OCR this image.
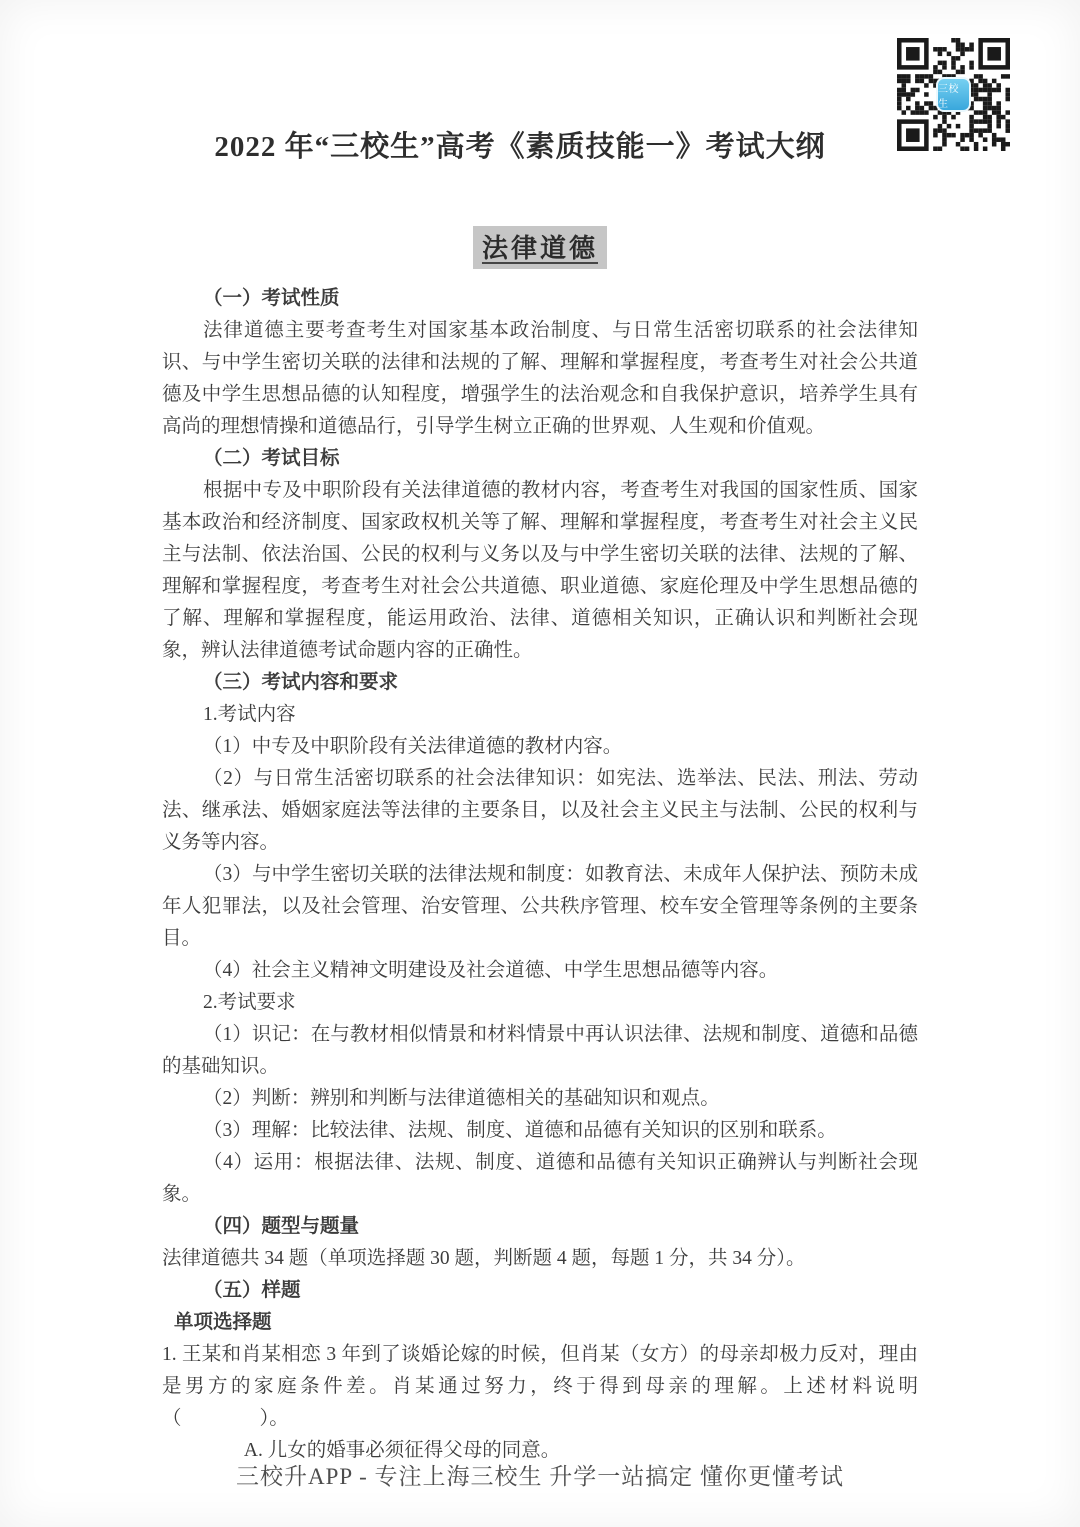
三校生
2022 年“三校生”高考《素质技能一》考试大纲
法律道德

（一）考试性质

法律道德主要考查考生对国家基本政治制度、与日常生活密切联系的社会法律知识、与中学生密切关联的法律和法规的了解、理解和掌握程度，考查考生对社会公共道德及中学生思想品德的认知程度，增强学生的法治观念和自我保护意识，培养学生具有高尚的理想情操和道德品行，引导学生树立正确的世界观、人生观和价值观。

（二）考试目标

根据中专及中职阶段有关法律道德的教材内容，考查考生对我国的国家性质、国家基本政治和经济制度、国家政权机关等了解、理解和掌握程度，考查考生对社会主义民主与法制、依法治国、公民的权利与义务以及与中学生密切关联的法律、法规的了解、理解和掌握程度，考查考生对社会公共道德、职业道德、家庭伦理及中学生思想品德的了解、理解和掌握程度，能运用政治、法律、道德相关知识，正确认识和判断社会现象，辨认法律道德考试命题内容的正确性。

（三）考试内容和要求

1.考试内容

（1）中专及中职阶段有关法律道德的教材内容。

（2）与日常生活密切联系的社会法律知识：如宪法、选举法、民法、刑法、劳动法、继承法、婚姻家庭法等法律的主要条目，以及社会主义民主与法制、公民的权利与义务等内容。

（3）与中学生密切关联的法律法规和制度：如教育法、未成年人保护法、预防未成年人犯罪法，以及社会管理、治安管理、公共秩序管理、校车安全管理等条例的主要条目。

（4）社会主义精神文明建设及社会道德、中学生思想品德等内容。

2.考试要求

（1）识记：在与教材相似情景和材料情景中再认识法律、法规和制度、道德和品德的基础知识。

（2）判断：辨别和判断与法律道德相关的基础知识和观点。

（3）理解：比较法律、法规、制度、道德和品德有关知识的区别和联系。

（4）运用：根据法律、法规、制度、道德和品德有关知识正确辨认与判断社会现象。

（四）题型与题量

法律道德共 34 题（单项选择题 30 题，判断题 4 题，每题 1 分，共 34 分）。

（五）样题

单项选择题

1. 王某和肖某相恋 3 年到了谈婚论嫁的时候，但肖某（女方）的母亲却极力反对，理由是男方的家庭条件差。肖某通过努力，终于得到母亲的理解。上述材料说明（　　　　）。

A. 儿女的婚事必须征得父母的同意。

三校升APP - 专注上海三校生 升学一站搞定 懂你更懂考试
